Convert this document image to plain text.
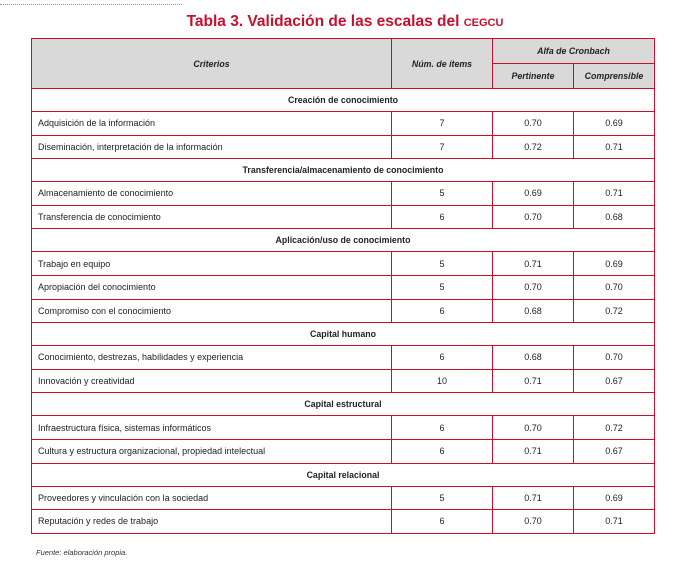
Tabla 3. Validación de las escalas del cegcu
Criterios	Núm. de ítems	Alfa de Cronbach	
		Pertinente	Comprensible
Creación de conocimiento			
Adquisición de la información	7	0.70	0.69
Diseminación, interpretación de la información	7	0.72	0.71
Transferencia/almacenamiento de conocimiento			
Almacenamiento de conocimiento	5	0.69	0.71
Transferencia de conocimiento	6	0.70	0.68
Aplicación/uso de conocimiento			
Trabajo en equipo	5	0.71	0.69
Apropiación del conocimiento	5	0.70	0.70
Compromiso con el conocimiento	6	0.68	0.72
Capital humano			
Conocimiento, destrezas, habilidades y experiencia	6	0.68	0.70
Innovación y creatividad	10	0.71	0.67
Capital estructural			
Infraestructura física, sistemas informáticos	6	0.70	0.72
Cultura y estructura organizacional, propiedad intelectual	6	0.71	0.67
Capital relacional			
Proveedores y vinculación con la sociedad	5	0.71	0.69
Reputación y redes de trabajo	6	0.70	0.71
Fuente: elaboración propia.
